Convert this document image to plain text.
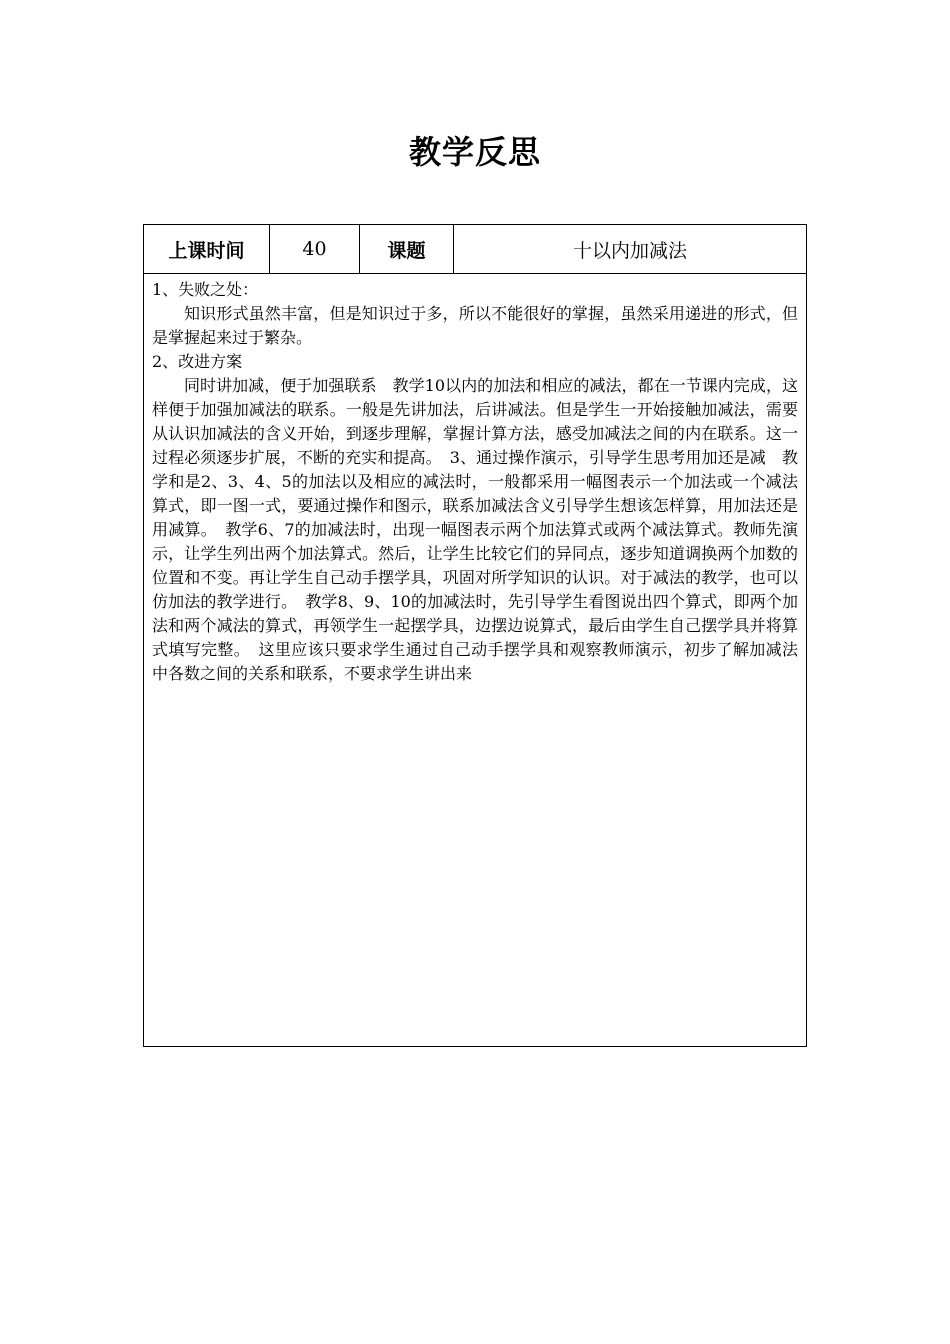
教学反思
上课时间	40	课题	十以内加减法

1、失败之处：

知识形式虽然丰富，但是知识过于多，所以不能很好的掌握，虽然采用递进的形式，但是掌握起来过于繁杂。

2、改进方案

同时讲加减，便于加强联系　教学10以内的加法和相应的减法，都在一节课内完成，这样便于加强加减法的联系。一般是先讲加法，后讲减法。但是学生一开始接触加减法，需要从认识加减法的含义开始，到逐步理解，掌握计算方法，感受加减法之间的内在联系。这一过程必须逐步扩展，不断的充实和提高。　3、通过操作演示，引导学生思考用加还是减　教学和是2、3、4、5的加法以及相应的减法时，一般都采用一幅图表示一个加法或一个减法算式，即一图一式，要通过操作和图示，联系加减法含义引导学生想该怎样算，用加法还是用减算。　教学6、7的加减法时，出现一幅图表示两个加法算式或两个减法算式。教师先演示，让学生列出两个加法算式。然后，让学生比较它们的异同点，逐步知道调换两个加数的位置和不变。再让学生自己动手摆学具，巩固对所学知识的认识。对于减法的教学，也可以仿加法的教学进行。　教学8、9、10的加减法时，先引导学生看图说出四个算式，即两个加法和两个减法的算式，再领学生一起摆学具，边摆边说算式，最后由学生自己摆学具并将算式填写完整。　这里应该只要求学生通过自己动手摆学具和观察教师演示，初步了解加减法中各数之间的关系和联系，不要求学生讲出来
